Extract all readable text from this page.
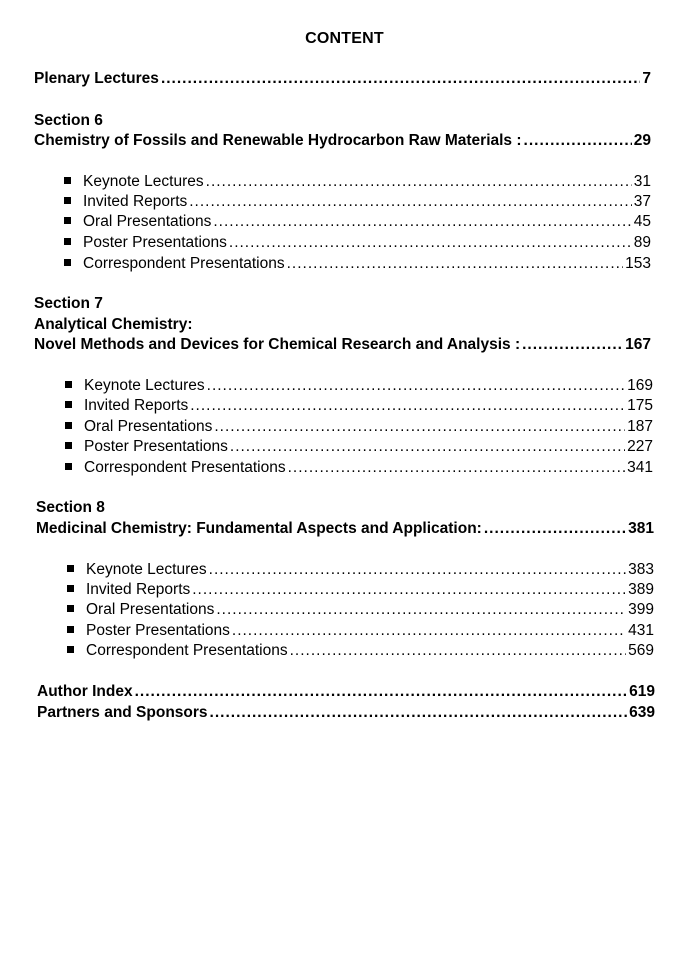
CONTENT
Plenary Lectures .....	7
Section 6
Chemistry of Fossils and Renewable Hydrocarbon Raw Materials : .....	29
Keynote Lectures .....	31
Invited Reports .....	37
Oral Presentations .....	45
Poster Presentations .....	89
Correspondent Presentations .....	153
Section 7
Analytical Chemistry:
Novel Methods and Devices for Chemical Research and Analysis : .....	167
Keynote Lectures .....	169
Invited Reports .....	175
Oral Presentations .....	187
Poster Presentations .....	227
Correspondent Presentations .....	341
Section 8
Medicinal Chemistry: Fundamental Aspects and Application: .....	381
Keynote Lectures .....	383
Invited Reports .....	389
Oral Presentations .....	399
Poster Presentations .....	431
Correspondent Presentations .....	569
Author Index .....	619
Partners and Sponsors .....	639
